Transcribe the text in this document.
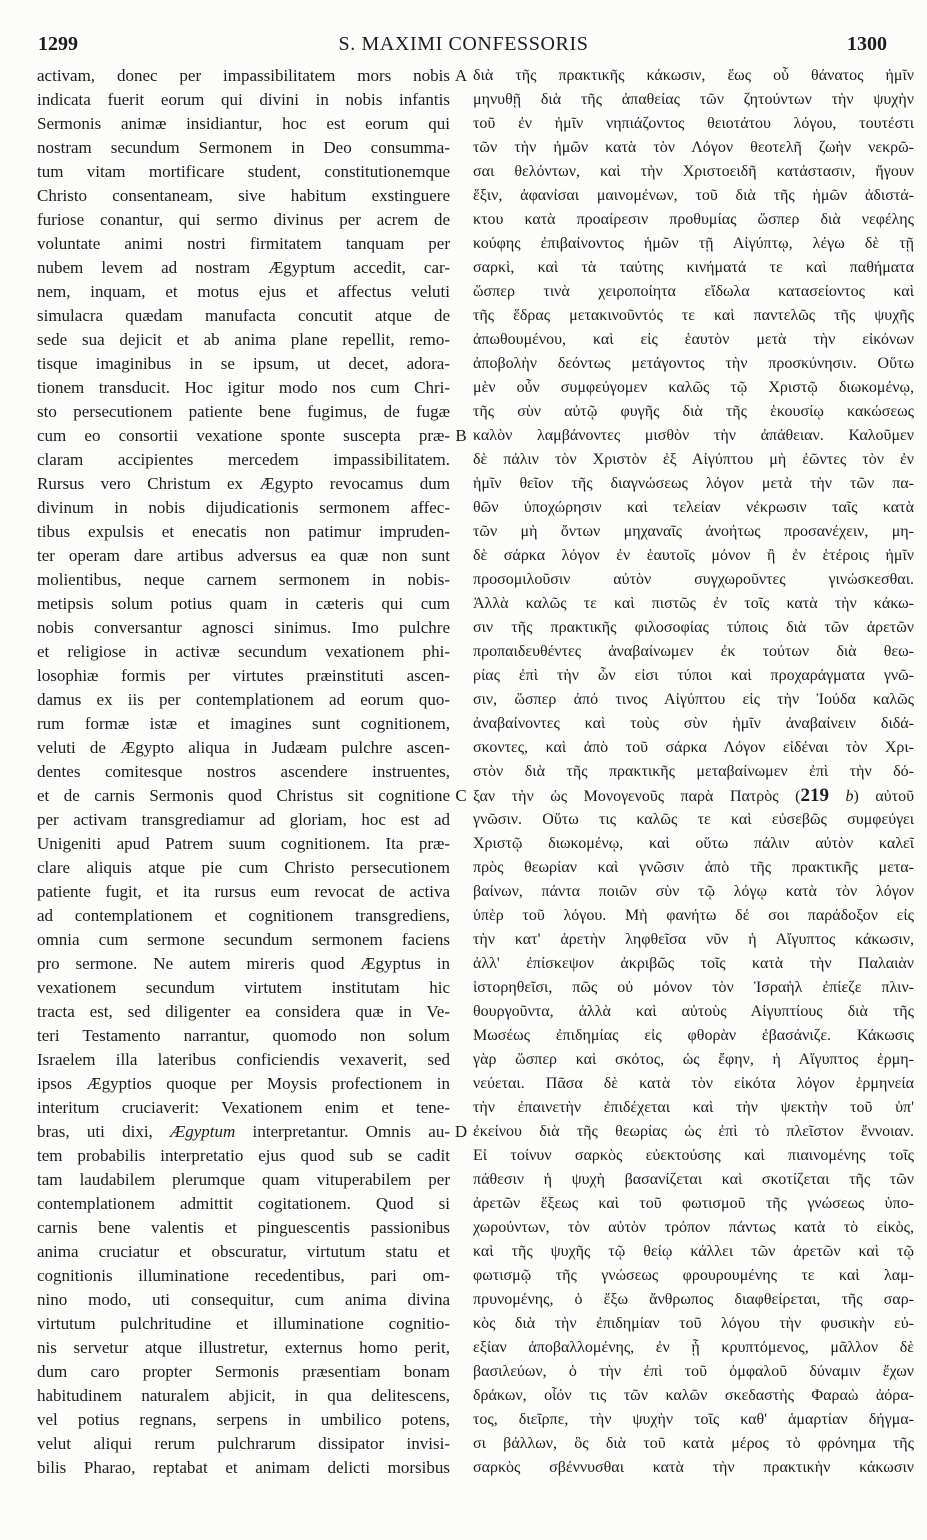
S. MAXIMI CONFESSORIS
1299	1300
activam, donec per impassibilitatem mors nobis
indicata fuerit eorum qui divini in nobis infantis
Sermonis animæ insidiantur, hoc est eorum qui
nostram secundum Sermonem in Deo consumma-
tum vitam mortificare student, constitutionemque
Christo consentaneam, sive habitum exstinguere
furiose conantur, qui sermo divinus per acrem de
voluntate animi nostri firmitatem tanquam per
nubem levem ad nostram Ægyptum accedit, car-
nem, inquam, et motus ejus et affectus veluti
simulacra quædam manufacta concutit atque de
sede sua dejicit et ab anima plane repellit, remo-
tisque imaginibus in se ipsum, ut decet, adora-
tionem transducit. Hoc igitur modo nos cum Chri-
sto persecutionem patiente bene fugimus, de fugæ
cum eo consortii vexatione sponte suscepta præ-
claram accipientes mercedem impassibilitatem.
Rursus vero Christum ex Ægypto revocamus dum
divinum in nobis dijudicationis sermonem affec-
tibus expulsis et enecatis non patimur impruden-
ter operam dare artibus adversus ea quæ non sunt
molientibus, neque carnem sermonem in nobis-
metipsis solum potius quam in cæteris qui cum
nobis conversantur agnosci sinimus. Imo pulchre
et religiose in activæ secundum vexationem phi-
losophiæ formis per virtutes præinstituti ascen-
damus ex iis per contemplationem ad eorum quo-
rum formæ istæ et imagines sunt cognitionem,
veluti de Ægypto aliqua in Judæam pulchre ascen-
dentes comitesque nostros ascendere instruentes,
et de carnis Sermonis quod Christus sit cognitione
per activam transgrediamur ad gloriam, hoc est ad
Unigeniti apud Patrem suum cognitionem. Ita præ-
clare aliquis atque pie cum Christo persecutionem
patiente fugit, et ita rursus eum revocat de activa
ad contemplationem et cognitionem transgrediens,
omnia cum sermone secundum sermonem faciens
pro sermone. Ne autem mireris quod Ægyptus in
vexationem secundum virtutem institutam hic
tracta est, sed diligenter ea considera quæ in Ve-
teri Testamento narrantur, quomodo non solum
Israelem illa lateribus conficiendis vexaverit, sed
ipsos Ægyptios quoque per Moysis profectionem in
interitum cruciaverit: Vexationem enim et tene-
bras, uti dixi, Ægyptum interpretantur. Omnis au-
tem probabilis interpretatio ejus quod sub se cadit
tam laudabilem plerumque quam vituperabilem per
contemplationem admittit cogitationem. Quod si
carnis bene valentis et pinguescentis passionibus
anima cruciatur et obscuratur, virtutum statu et
cognitionis illuminatione recedentibus, pari om-
nino modo, uti consequitur, cum anima divina
virtutum pulchritudine et illuminatione cognitio-
nis servetur atque illustretur, externus homo perit,
dum caro propter Sermonis præsentiam bonam
habitudinem naturalem abjicit, in qua delitescens,
vel potius regnans, serpens in umbilico potens,
velut aliqui rerum pulchrarum dissipator invisi-
bilis Pharao, reptabat et animam delicti morsibus
διὰ τῆς πρακτικῆς κάκωσιν, ἕως οὗ θάνατος ἡμῖν
μηνυθῇ διὰ τῆς ἀπαθείας τῶν ζητούντων τὴν ψυχὴν
τοῦ ἐν ἡμῖν νηπιάζοντος θειοτάτου λόγου, τουτέστι
τῶν τὴν ἡμῶν κατὰ τὸν Λόγον θεοτελῆ ζωὴν νεκρῶ-
σαι θελόντων, καὶ τὴν Χριστοειδῆ κατάστασιν, ἤγουν
ἕξιν, ἀφανίσαι μαινομένων, τοῦ διὰ τῆς ἡμῶν ἀδιστά-
κτου κατὰ προαίρεσιν προθυμίας ὥσπερ διὰ νεφέλης
κούφης ἐπιβαίνοντος ἡμῶν τῇ Αἰγύπτῳ, λέγω δὲ τῇ
σαρκὶ, καὶ τὰ ταύτης κινήματά τε καὶ παθήματα
ὥσπερ τινὰ χειροποίητα εἴδωλα κατασείοντος καὶ
τῆς ἕδρας μετακινοῦντός τε καὶ παντελῶς τῆς ψυχῆς
ἀπωθουμένου, καὶ εἰς ἑαυτὸν μετὰ τὴν εἰκόνων
ἀποβολὴν δεόντως μετάγοντος τὴν προσκύνησιν. Οὕτω
μὲν οὖν συμφεύγομεν καλῶς τῷ Χριστῷ διωκομένῳ,
τῆς σὺν αὐτῷ φυγῆς διὰ τῆς ἑκουσίῳ κακώσεως
καλὸν λαμβάνοντες μισθὸν τὴν ἀπάθειαν. Καλοῦμεν
δὲ πάλιν τὸν Χριστὸν ἐξ Αἰγύπτου μὴ ἐῶντες τὸν ἐν
ἡμῖν θεῖον τῆς διαγνώσεως λόγον μετὰ τὴν τῶν πα-
θῶν ὑποχώρησιν καὶ τελείαν νέκρωσιν ταῖς κατὰ
τῶν μὴ ὄντων μηχαναῖς ἀνοήτως προσανέχειν, μη-
δὲ σάρκα λόγον ἐν ἑαυτοῖς μόνον ἢ ἐν ἑτέροις ἡμῖν
προσομιλοῦσιν αὐτὸν συγχωροῦντες γινώσκεσθαι.
Ἀλλὰ καλῶς τε καὶ πιστῶς ἐν τοῖς κατὰ τὴν κάκω-
σιν τῆς πρακτικῆς φιλοσοφίας τύποις διὰ τῶν ἀρετῶν
προπαιδευθέντες ἀναβαίνωμεν ἐκ τούτων διὰ θεω-
ρίας ἐπὶ τὴν ὧν εἰσι τύποι καὶ προχαράγματα γνῶ-
σιν, ὥσπερ ἀπό τινος Αἰγύπτου εἰς τὴν Ἰούδα καλῶς
ἀναβαίνοντες καὶ τοὺς σὺν ἡμῖν ἀναβαίνειν διδά-
σκοντες, καὶ ἀπὸ τοῦ σάρκα Λόγον εἰδέναι τὸν Χρι-
στὸν διὰ τῆς πρακτικῆς μεταβαίνωμεν ἐπὶ τὴν δό-
ξαν τὴν ὡς Μονογενοῦς παρὰ Πατρὸς (219 b) αὐτοῦ
γνῶσιν. Οὕτω τις καλῶς τε καὶ εὐσεβῶς συμφεύγει
Χριστῷ διωκομένῳ, καὶ οὕτω πάλιν αὐτὸν καλεῖ
πρὸς θεωρίαν καὶ γνῶσιν ἀπὸ τῆς πρακτικῆς μετα-
βαίνων, πάντα ποιῶν σὺν τῷ λόγῳ κατὰ τὸν λόγον
ὑπὲρ τοῦ λόγου. Μὴ φανήτω δέ σοι παράδοξον εἰς
τὴν κατ' ἀρετὴν ληφθεῖσα νῦν ἡ Αἴγυπτος κάκωσιν,
ἀλλ' ἐπίσκεψον ἀκριβῶς τοῖς κατὰ τὴν Παλαιὰν
ἱστορηθεῖσι, πῶς οὐ μόνον τὸν Ἰσραὴλ ἐπίεζε πλιν-
θουργοῦντα, ἀλλὰ καὶ αὐτοὺς Αἰγυπτίους διὰ τῆς
Μωσέως ἐπιδημίας εἰς φθορὰν ἐβασάνιζε. Κάκωσις
γὰρ ὥσπερ καὶ σκότος, ὡς ἔφην, ἡ Αἴγυπτος ἑρμη-
νεύεται. Πᾶσα δὲ κατὰ τὸν εἰκότα λόγον ἑρμηνεία
τὴν ἐπαινετὴν ἐπιδέχεται καὶ τὴν ψεκτὴν τοῦ ὑπ'
ἐκείνου διὰ τῆς θεωρίας ὡς ἐπὶ τὸ πλεῖστον ἔννοιαν.
Εἰ τοίνυν σαρκὸς εὐεκτούσης καὶ πιαινομένης τοῖς
πάθεσιν ἡ ψυχὴ βασανίζεται καὶ σκοτίζεται τῆς τῶν
ἀρετῶν ἕξεως καὶ τοῦ φωτισμοῦ τῆς γνώσεως ὑπο-
χωρούντων, τὸν αὐτὸν τρόπον πάντως κατὰ τὸ εἰκὸς,
καὶ τῆς ψυχῆς τῷ θείῳ κάλλει τῶν ἀρετῶν καὶ τῷ
φωτισμῷ τῆς γνώσεως φρουρουμένης τε καὶ λαμ-
πρυνομένης, ὁ ἔξω ἄνθρωπος διαφθείρεται, τῆς σαρ-
κὸς διὰ τὴν ἐπιδημίαν τοῦ λόγου τὴν φυσικὴν εὐ-
εξίαν ἀποβαλλομένης, ἐν ᾗ κρυπτόμενος, μᾶλλον δὲ
βασιλεύων, ὁ τὴν ἐπὶ τοῦ ὀμφαλοῦ δύναμιν ἔχων
δράκων, οἷόν τις τῶν καλῶν σκεδαστὴς Φαραὼ ἀόρα-
τος, διεῖρπε, τὴν ψυχὴν τοῖς καθ' ἁμαρτίαν δήγμα-
σι βάλλων, ὃς διὰ τοῦ κατὰ μέρος τὸ φρόνημα τῆς
σαρκὸς σβέννυσθαι κατὰ τὴν πρακτικὴν κάκωσιν
A
B
C
D
